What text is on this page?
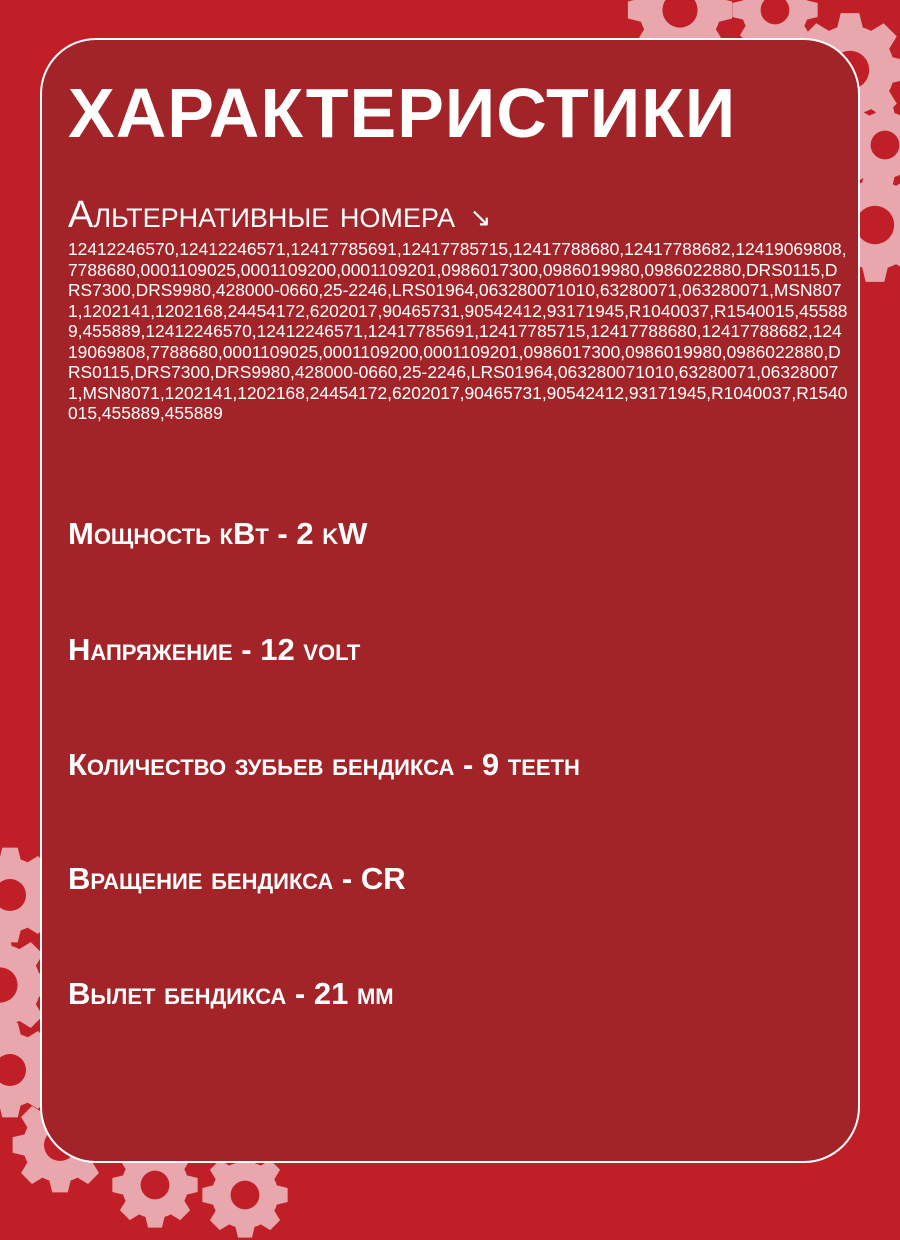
ХАРАКТЕРИСТИКИ
Альтернативные номера ↘

12412246570,12412246571,12417785691,12417785715,12417788680,12417788682,12419069808,7788680,0001109025,0001109200,0001109201,0986017300,0986019980,0986022880,DRS0115,DRS7300,DRS9980,428000-0660,25-2246,LRS01964,063280071010,63280071,063280071,MSN8071,1202141,1202168,24454172,6202017,90465731,90542412,93171945,R1040037,R1540015,455889,455889,12412246570,12412246571,12417785691,12417785715,12417788680,12417788682,12419069808,7788680,0001109025,0001109200,0001109201,0986017300,0986019980,0986022880,DRS0115,DRS7300,DRS9980,428000-0660,25-2246,LRS01964,063280071010,63280071,063280071,MSN8071,1202141,1202168,24454172,6202017,90465731,90542412,93171945,R1040037,R1540015,455889,455889

Мощность кВт - 2 kW

Напряжение - 12 volt

Количество зубьев бендикса - 9 teeth

Вращение бендикса - CR

Вылет бендикса - 21 мм
